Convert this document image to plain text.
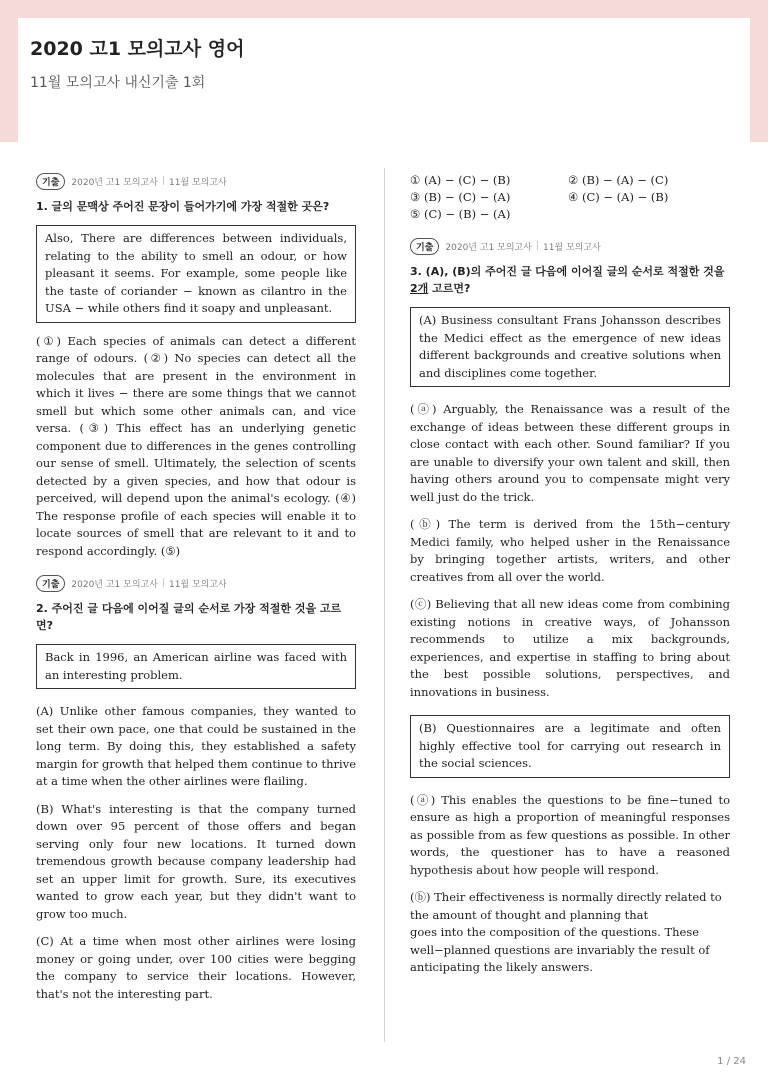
2020 고1 모의고사 영어
11월 모의고사 내신기출 1회
기출	2020년 고1 모의고사 | 11월 모의고사
1. 글의 문맥상 주어진 문장이 들어가기에 가장 적절한 곳은?
Also, There are differences between individuals, relating to the ability to smell an odour, or how pleasant it seems. For example, some people like the taste of coriander − known as cilantro in the USA − while others find it soapy and unpleasant.
(①) Each species of animals can detect a different range of odours. (②) No species can detect all the molecules that are present in the environment in which it lives − there are some things that we cannot smell but which some other animals can, and vice versa. (③) This effect has an underlying genetic component due to differences in the genes controlling our sense of smell. Ultimately, the selection of scents detected by a given species, and how that odour is perceived, will depend upon the animal's ecology. (④) The response profile of each species will enable it to locate sources of smell that are relevant to it and to respond accordingly. (⑤)
기출	2020년 고1 모의고사 | 11월 모의고사
2. 주어진 글 다음에 이어질 글의 순서로 가장 적절한 것을 고르면?
Back in 1996, an American airline was faced with an interesting problem.
(A) Unlike other famous companies, they wanted to set their own pace, one that could be sustained in the long term. By doing this, they established a safety margin for growth that helped them continue to thrive at a time when the other airlines were flailing.
(B) What's interesting is that the company turned down over 95 percent of those offers and began serving only four new locations. It turned down tremendous growth because company leadership had set an upper limit for growth. Sure, its executives wanted to grow each year, but they didn't want to grow too much.
(C) At a time when most other airlines were losing money or going under, over 100 cities were begging the company to service their locations. However, that's not the interesting part.
① (A) − (C) − (B)	② (B) − (A) − (C)
③ (B) − (C) − (A)	④ (C) − (A) − (B)
⑤ (C) − (B) − (A)
기출	2020년 고1 모의고사 | 11월 모의고사
3. (A), (B)의 주어진 글 다음에 이어질 글의 순서로 적절한 것을 2개 고르면?
(A) Business consultant Frans Johansson describes the Medici effect as the emergence of new ideas different backgrounds and creative solutions when and disciplines come together.
(ⓐ) Arguably, the Renaissance was a result of the exchange of ideas between these different groups in close contact with each other. Sound familiar? If you are unable to diversify your own talent and skill, then having others around you to compensate might very well just do the trick.
(ⓑ) The term is derived from the 15th−century Medici family, who helped usher in the Renaissance by bringing together artists, writers, and other creatives from all over the world.
(ⓒ) Believing that all new ideas come from combining existing notions in creative ways, of Johansson recommends to utilize a mix backgrounds, experiences, and expertise in staffing to bring about the best possible solutions, perspectives, and innovations in business.
(B) Questionnaires are a legitimate and often highly effective tool for carrying out research in the social sciences.
(ⓐ) This enables the questions to be fine−tuned to ensure as high a proportion of meaningful responses as possible from as few questions as possible. In other words, the questioner has to have a reasoned hypothesis about how people will respond.
(ⓑ) Their effectiveness is normally directly related to the amount of thought and planning that
goes into the composition of the questions. These well−planned questions are invariably the result of anticipating the likely answers.
1 / 24
